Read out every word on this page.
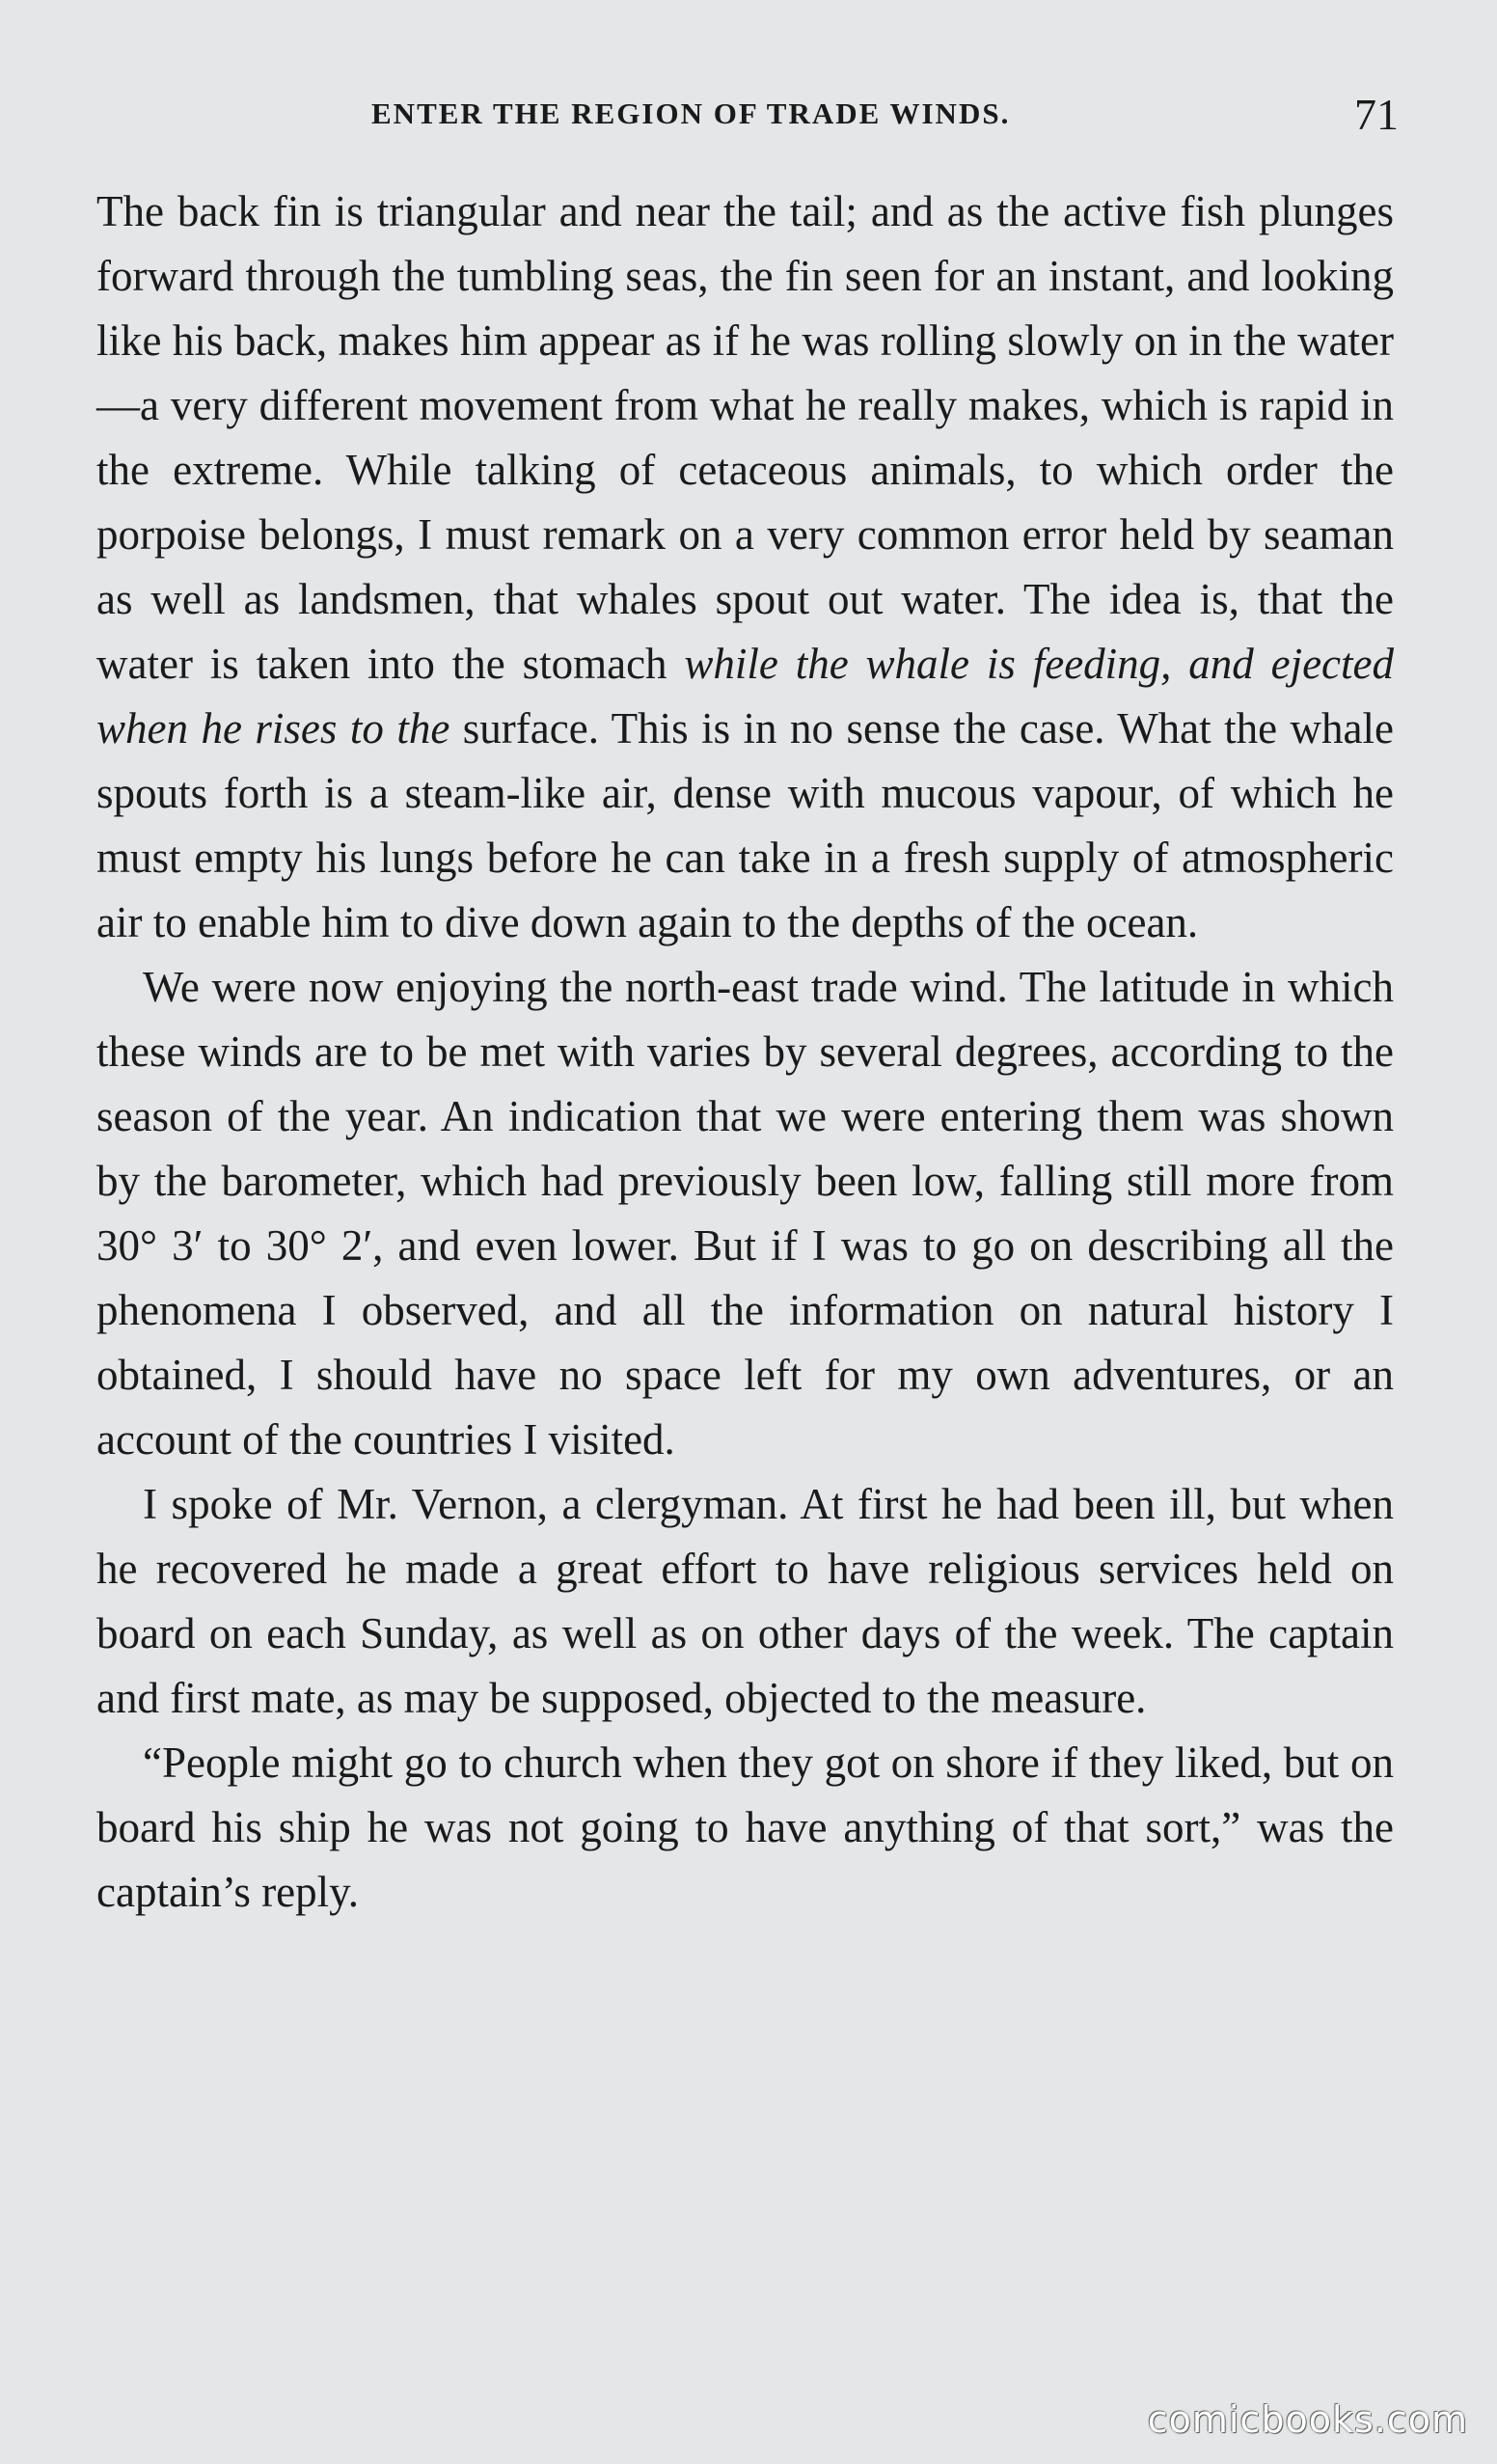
ENTER THE REGION OF TRADE WINDS.	71

The back fin is triangular and near the tail; and as the active fish plunges forward through the tumbling seas, the fin seen for an instant, and looking like his back, makes him appear as if he was rolling slowly on in the water—a very different movement from what he really makes, which is rapid in the extreme. While talking of cetaceous animals, to which order the porpoise belongs, I must remark on a very common error held by seaman as well as landsmen, that whales spout out water. The idea is, that the water is taken into the stomach while the whale is feeding, and ejected when he rises to the surface. This is in no sense the case. What the whale spouts forth is a steam-like air, dense with mucous vapour, of which he must empty his lungs before he can take in a fresh supply of atmospheric air to enable him to dive down again to the depths of the ocean.

We were now enjoying the north-east trade wind. The latitude in which these winds are to be met with varies by several degrees, according to the season of the year. An indication that we were entering them was shown by the barometer, which had previously been low, falling still more from 30° 3′ to 30° 2′, and even lower. But if I was to go on describing all the phenomena I observed, and all the information on natural history I obtained, I should have no space left for my own adventures, or an account of the countries I visited.

I spoke of Mr. Vernon, a clergyman. At first he had been ill, but when he recovered he made a great effort to have religious services held on board on each Sunday, as well as on other days of the week. The captain and first mate, as may be supposed, objected to the measure.

“People might go to church when they got on shore if they liked, but on board his ship he was not going to have anything of that sort,” was the captain’s reply.

comicbooks.com
